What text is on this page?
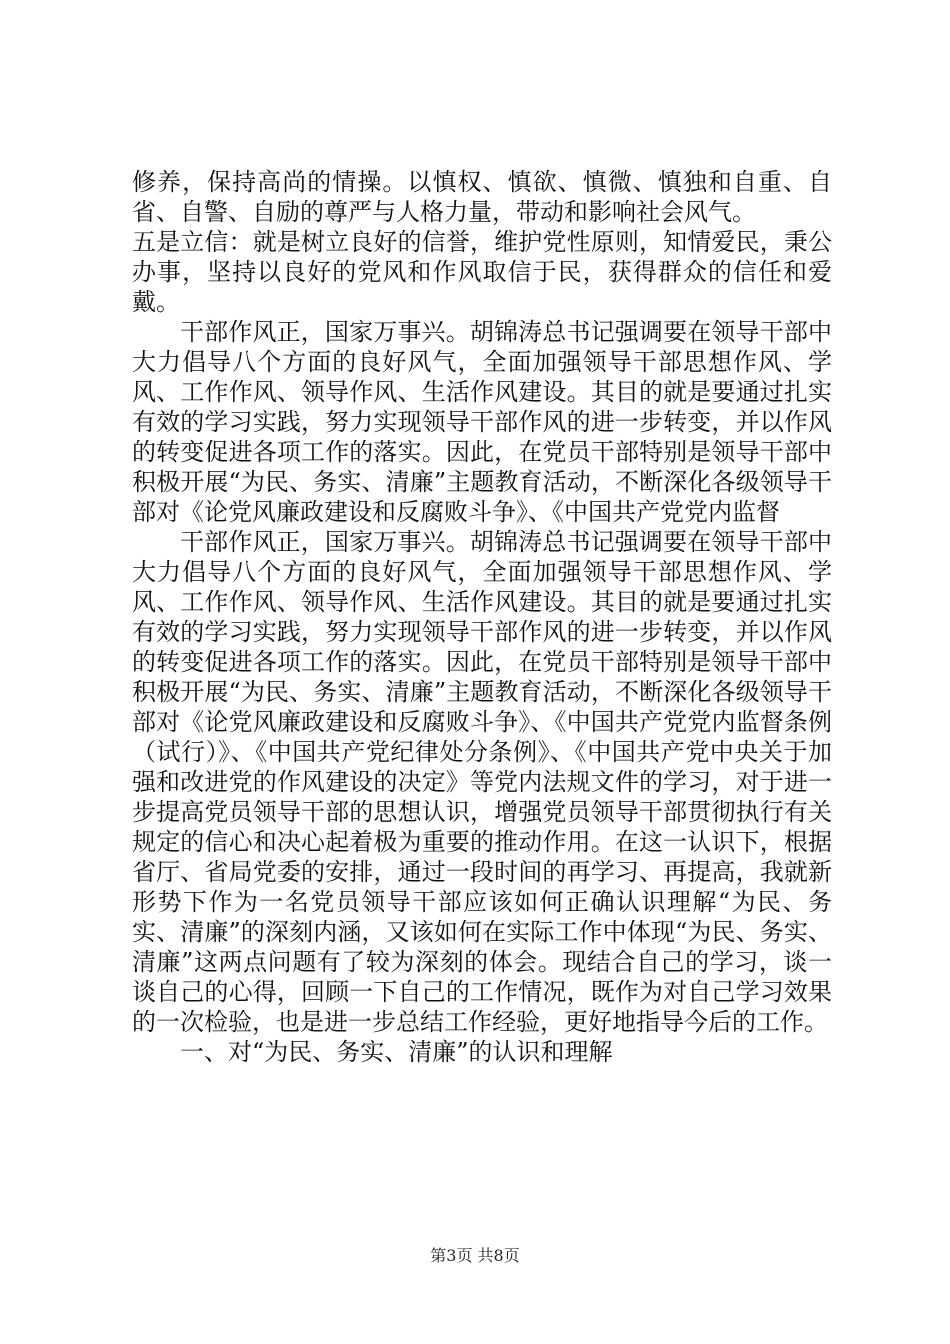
修养，保持高尚的情操。以慎权、慎欲、慎微、慎独和自重、自省、自警、自励的尊严与人格力量，带动和影响社会风气。

五是立信：就是树立良好的信誉，维护党性原则，知情爱民，秉公办事，坚持以良好的党风和作风取信于民，获得群众的信任和爱戴。

干部作风正，国家万事兴。胡锦涛总书记强调要在领导干部中大力倡导八个方面的良好风气，全面加强领导干部思想作风、学风、工作作风、领导作风、生活作风建设。其目的就是要通过扎实有效的学习实践，努力实现领导干部作风的进一步转变，并以作风的转变促进各项工作的落实。因此，在党员干部特别是领导干部中积极开展“为民、务实、清廉”主题教育活动，不断深化各级领导干部对《论党风廉政建设和反腐败斗争》、《中国共产党党内监督

干部作风正，国家万事兴。胡锦涛总书记强调要在领导干部中大力倡导八个方面的良好风气，全面加强领导干部思想作风、学风、工作作风、领导作风、生活作风建设。其目的就是要通过扎实有效的学习实践，努力实现领导干部作风的进一步转变，并以作风的转变促进各项工作的落实。因此，在党员干部特别是领导干部中积极开展“为民、务实、清廉”主题教育活动，不断深化各级领导干部对《论党风廉政建设和反腐败斗争》、《中国共产党党内监督条例（试行）》、《中国共产党纪律处分条例》、《中国共产党中央关于加强和改进党的作风建设的决定》等党内法规文件的学习，对于进一步提高党员领导干部的思想认识，增强党员领导干部贯彻执行有关规定的信心和决心起着极为重要的推动作用。在这一认识下，根据省厅、省局党委的安排，通过一段时间的再学习、再提高，我就新形势下作为一名党员领导干部应该如何正确认识理解“为民、务实、清廉”的深刻内涵，又该如何在实际工作中体现“为民、务实、清廉”这两点问题有了较为深刻的体会。现结合自己的学习，谈一谈自己的心得，回顾一下自己的工作情况，既作为对自己学习效果的一次检验，也是进一步总结工作经验，更好地指导今后的工作。

一、对“为民、务实、清廉”的认识和理解

第3页 共8页
